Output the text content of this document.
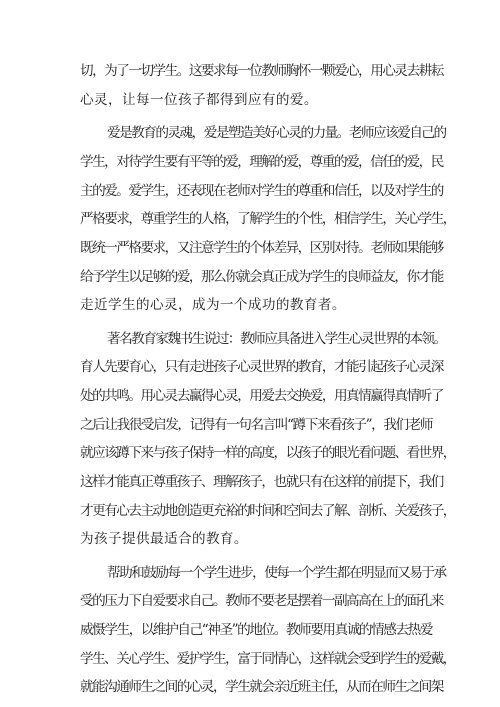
切，为了一切学生。这要求每一位教师胸怀一颗爱心，用心灵去耕耘
心灵，让每一位孩子都得到应有的爱。
爱是教育的灵魂，爱是塑造美好心灵的力量。老师应该爱自己的
学生，对待学生要有平等的爱，理解的爱，尊重的爱，信任的爱，民
主的爱。爱学生，还表现在老师对学生的尊重和信任，以及对学生的
严格要求，尊重学生的人格，了解学生的个性，相信学生，关心学生，
既统一严格要求，又注意学生的个体差异，区别对待。老师如果能够
给予学生以足够的爱，那么你就会真正成为学生的良师益友，你才能
走近学生的心灵，成为一个成功的教育者。
著名教育家魏书生说过：教师应具备进入学生心灵世界的本领。
育人先要育心，只有走进孩子心灵世界的教育，才能引起孩子心灵深
处的共鸣。用心灵去赢得心灵，用爱去交换爱，用真情赢得真情听了
之后让我很受启发，记得有一句名言叫“蹲下来看孩子”，我们老师
就应该蹲下来与孩子保持一样的高度，以孩子的眼光看问题、看世界，
这样才能真正尊重孩子、理解孩子，也就只有在这样的前提下，我们
才更有心去主动地创造更充裕的时间和空间去了解、剖析、关爱孩子，
为孩子提供最适合的教育。
帮助和鼓励每一个学生进步，使每一个学生都在明显而又易于承
受的压力下自爱要求自己。教师不要老是摆着一副高高在上的面孔来
威慑学生，以维护自己“神圣”的地位。教师要用真诚的情感去热爱
学生、关心学生、爱护学生，富于同情心，这样就会受到学生的爱戴，
就能沟通师生之间的心灵，学生就会亲近班主任，从而在师生之间架
